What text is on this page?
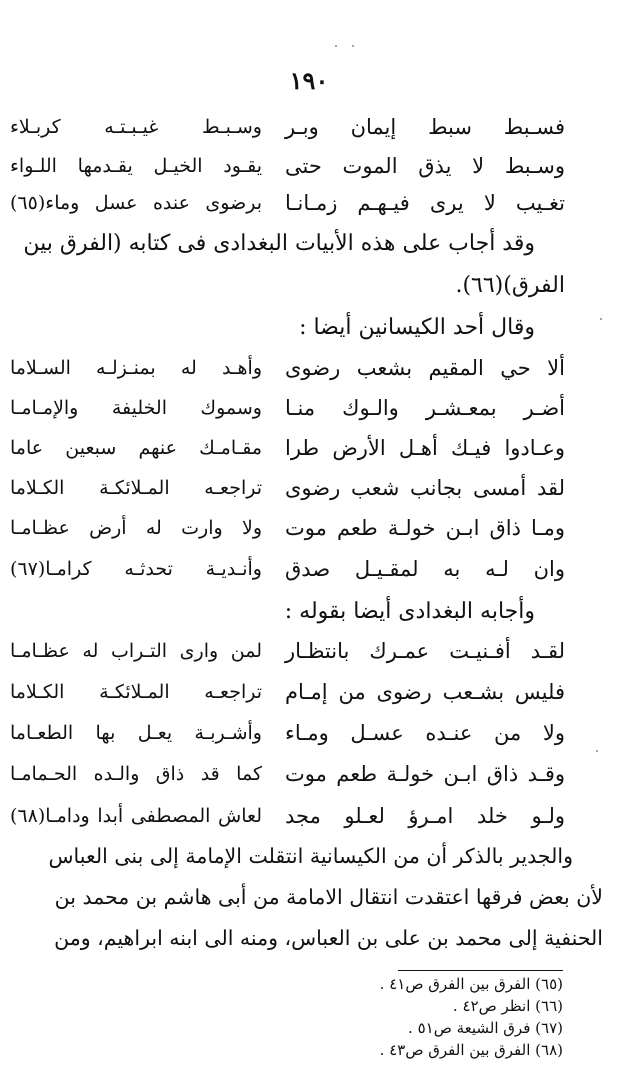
١٩٠
فسـبط سبط إيمان وبـر
وسـبـط غيـبـتـه كربـلاء
وسـبط لا يذق الموت حتى
يقـود الخيـل يقـدمها اللـواء
تغـيب لا يرى فيـهـم زمـانـا
برضوى عنده عسل وماء(٦٥)
وقد أجاب على هذه الأبيات البغدادى فى كتابه (الفرق بين
الفرق)(٦٦).
وقال أحد الكيسانين أيضا :
ألا حي المقيم بشعب رضوى
وأهـد له بمنـزلـه السـلاما
أضـر بمعـشـر والـوك منـا
وسموك الخليفة والإمـامـا
وعـادوا فيـك أهـل الأرض طرا
مقـامـك عنهم سبعين عاما
لقد أمسى بجانب شعب رضوى
تراجعـه المـلائكـة الكـلاما
ومـا ذاق ابـن خولـة طعم موت
ولا وارت له أرض عظـامـا
وان لـه به لمقـيـل صدق
وأنـديـة تحدثـه كرامـا(٦٧)
وأجابه البغدادى أيضا بقوله :
لقـد أفـنيـت عمـرك بانتظـار
لمن وارى التـراب له عظـامـا
فليس بشـعب رضوى من إمـام
تراجعـه المـلائكـة الكـلاما
ولا من عنـده عسـل ومـاء
وأشـربـة يعـل بها الطعـاما
وقـد ذاق ابـن خولـة طعم موت
كما قد ذاق والـده الحـمامـا
ولـو خلد امـرؤ لعـلو مجد
لعاش المصطفى أبدا ودامـا(٦٨)
والجدير بالذكر أن من الكيسانية انتقلت الإمامة إلى بنى العباس
لأن بعض فرقها اعتقدت انتقال الامامة من أبى هاشم بن محمد بن
الحنفية إلى محمد بن على بن العباس، ومنه الى ابنه ابراهيم، ومن
(٦٥) الفرق بين الفرق ص٤١ .
(٦٦) انظر ص٤٢ .
(٦٧) فرق الشيعة ص٥١ .
(٦٨) الفرق بين الفرق ص٤٣ .
